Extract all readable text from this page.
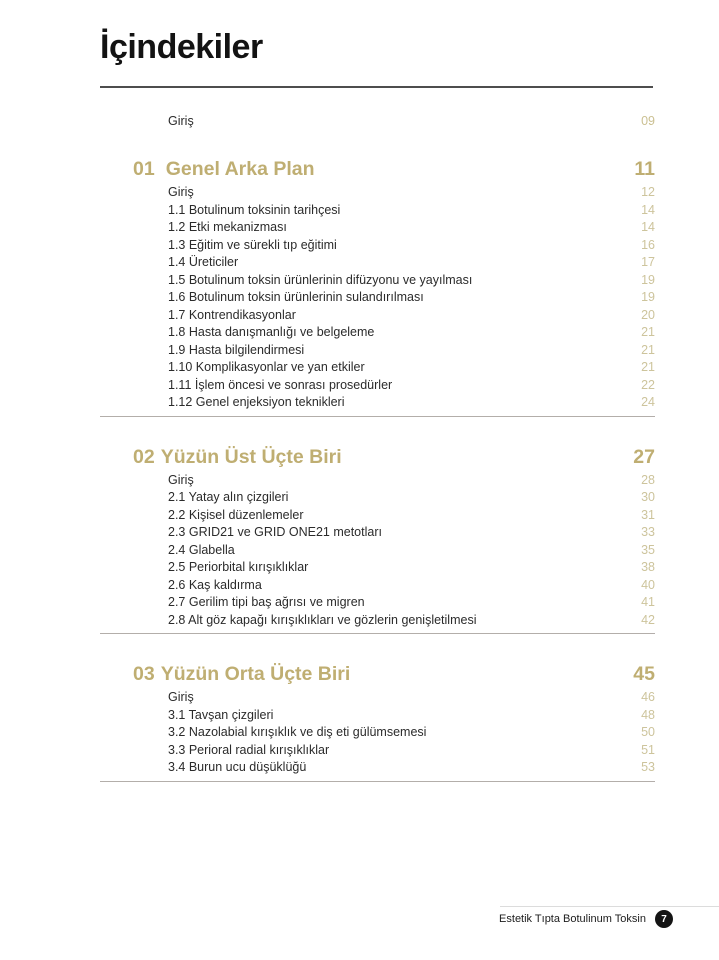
İçindekiler
Giriş	09
01 Genel Arka Plan	11
Giriş	12
1.1 Botulinum toksinin tarihçesi	14
1.2 Etki mekanizması	14
1.3 Eğitim ve sürekli tıp eğitimi	16
1.4 Üreticiler	17
1.5 Botulinum toksin ürünlerinin difüzyonu ve yayılması	19
1.6 Botulinum toksin ürünlerinin sulandırılması	19
1.7 Kontrendikasyonlar	20
1.8 Hasta danışmanlığı ve belgeleme	21
1.9 Hasta bilgilendirmesi	21
1.10 Komplikasyonlar ve yan etkiler	21
1.11 İşlem öncesi ve sonrası prosedürler	22
1.12 Genel enjeksiyon teknikleri	24
02 Yüzün Üst Üçte Biri	27
Giriş	28
2.1 Yatay alın çizgileri	30
2.2 Kişisel düzenlemeler	31
2.3 GRID21 ve GRID ONE21 metotları	33
2.4 Glabella	35
2.5 Periorbital kırışıklıklar	38
2.6 Kaş kaldırma	40
2.7 Gerilim tipi baş ağrısı ve migren	41
2.8 Alt göz kapağı kırışıklıkları ve gözlerin genişletilmesi	42
03 Yüzün Orta Üçte Biri	45
Giriş	46
3.1 Tavşan çizgileri	48
3.2 Nazolabial kırışıklık ve diş eti gülümsemesi	50
3.3 Perioral radial kırışıklıklar	51
3.4 Burun ucu düşüklüğü	53
Estetik Tıpta Botulinum Toksin	7
